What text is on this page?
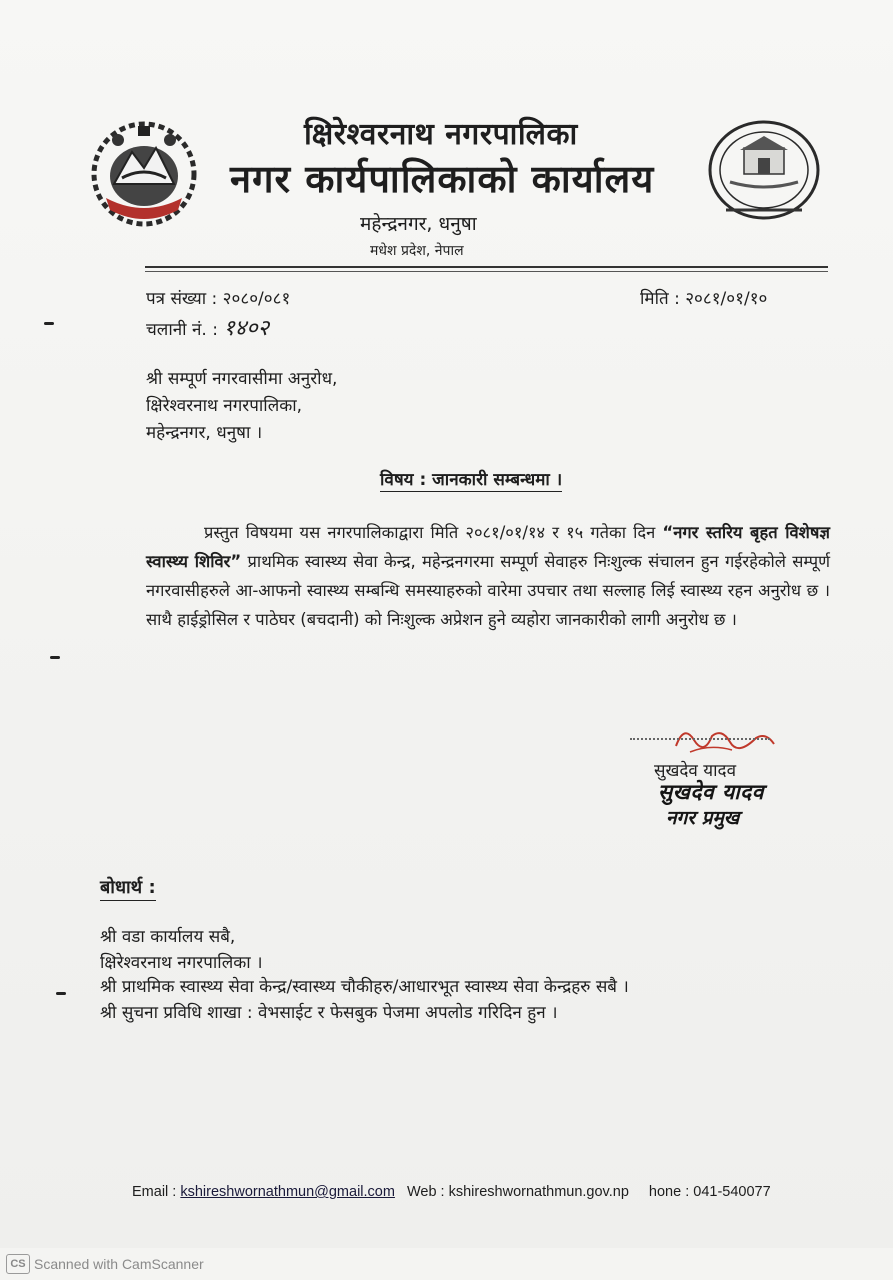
क्षिरेश्वरनाथ नगरपालिका
नगर कार्यपालिकाको कार्यालय
महेन्द्रनगर, धनुषा
मधेश प्रदेश, नेपाल
पत्र संख्या : २०८०/०८१
चलानी नं. : १४०२
मिति : २०८१/०१/१०
श्री सम्पूर्ण नगरवासीमा अनुरोध,
क्षिरेश्वरनाथ नगरपालिका,
महेन्द्रनगर, धनुषा ।
विषय : जानकारी सम्बन्धमा ।
प्रस्तुत विषयमा यस नगरपालिकाद्वारा मिति २०८१/०१/१४ र १५ गतेका दिन “नगर स्तरिय बृहत विशेषज्ञ स्वास्थ्य शिविर” प्राथमिक स्वास्थ्य सेवा केन्द्र, महेन्द्रनगरमा सम्पूर्ण सेवाहरु निःशुल्क संचालन हुन गईरहेकोले सम्पूर्ण नगरवासीहरुले आ-आफनो स्वास्थ्य सम्बन्धि समस्याहरुको वारेमा उपचार तथा सल्लाह लिई स्वास्थ्य रहन अनुरोध छ । साथै हाईड्रोसिल र पाठेघर (बचदानी) को निःशुल्क अप्रेशन हुने व्यहोरा जानकारीको लागी अनुरोध छ ।
सुखदेव यादव
सुखदेव यादव
नगर प्रमुख
बोधार्थ :
श्री वडा कार्यालय सबै,
क्षिरेश्वरनाथ नगरपालिका ।
श्री प्राथमिक स्वास्थ्य सेवा केन्द्र/स्वास्थ्य चौकीहरु/आधारभूत स्वास्थ्य सेवा केन्द्रहरु सबै ।
श्री सुचना प्रविधि शाखा : वेभसाईट र फेसबुक पेजमा अपलोड गरिदिन हुन ।
Email : kshireshwornathmun@gmail.com Web : kshireshwornathmun.gov.np hone : 041-540077
CS Scanned with CamScanner
